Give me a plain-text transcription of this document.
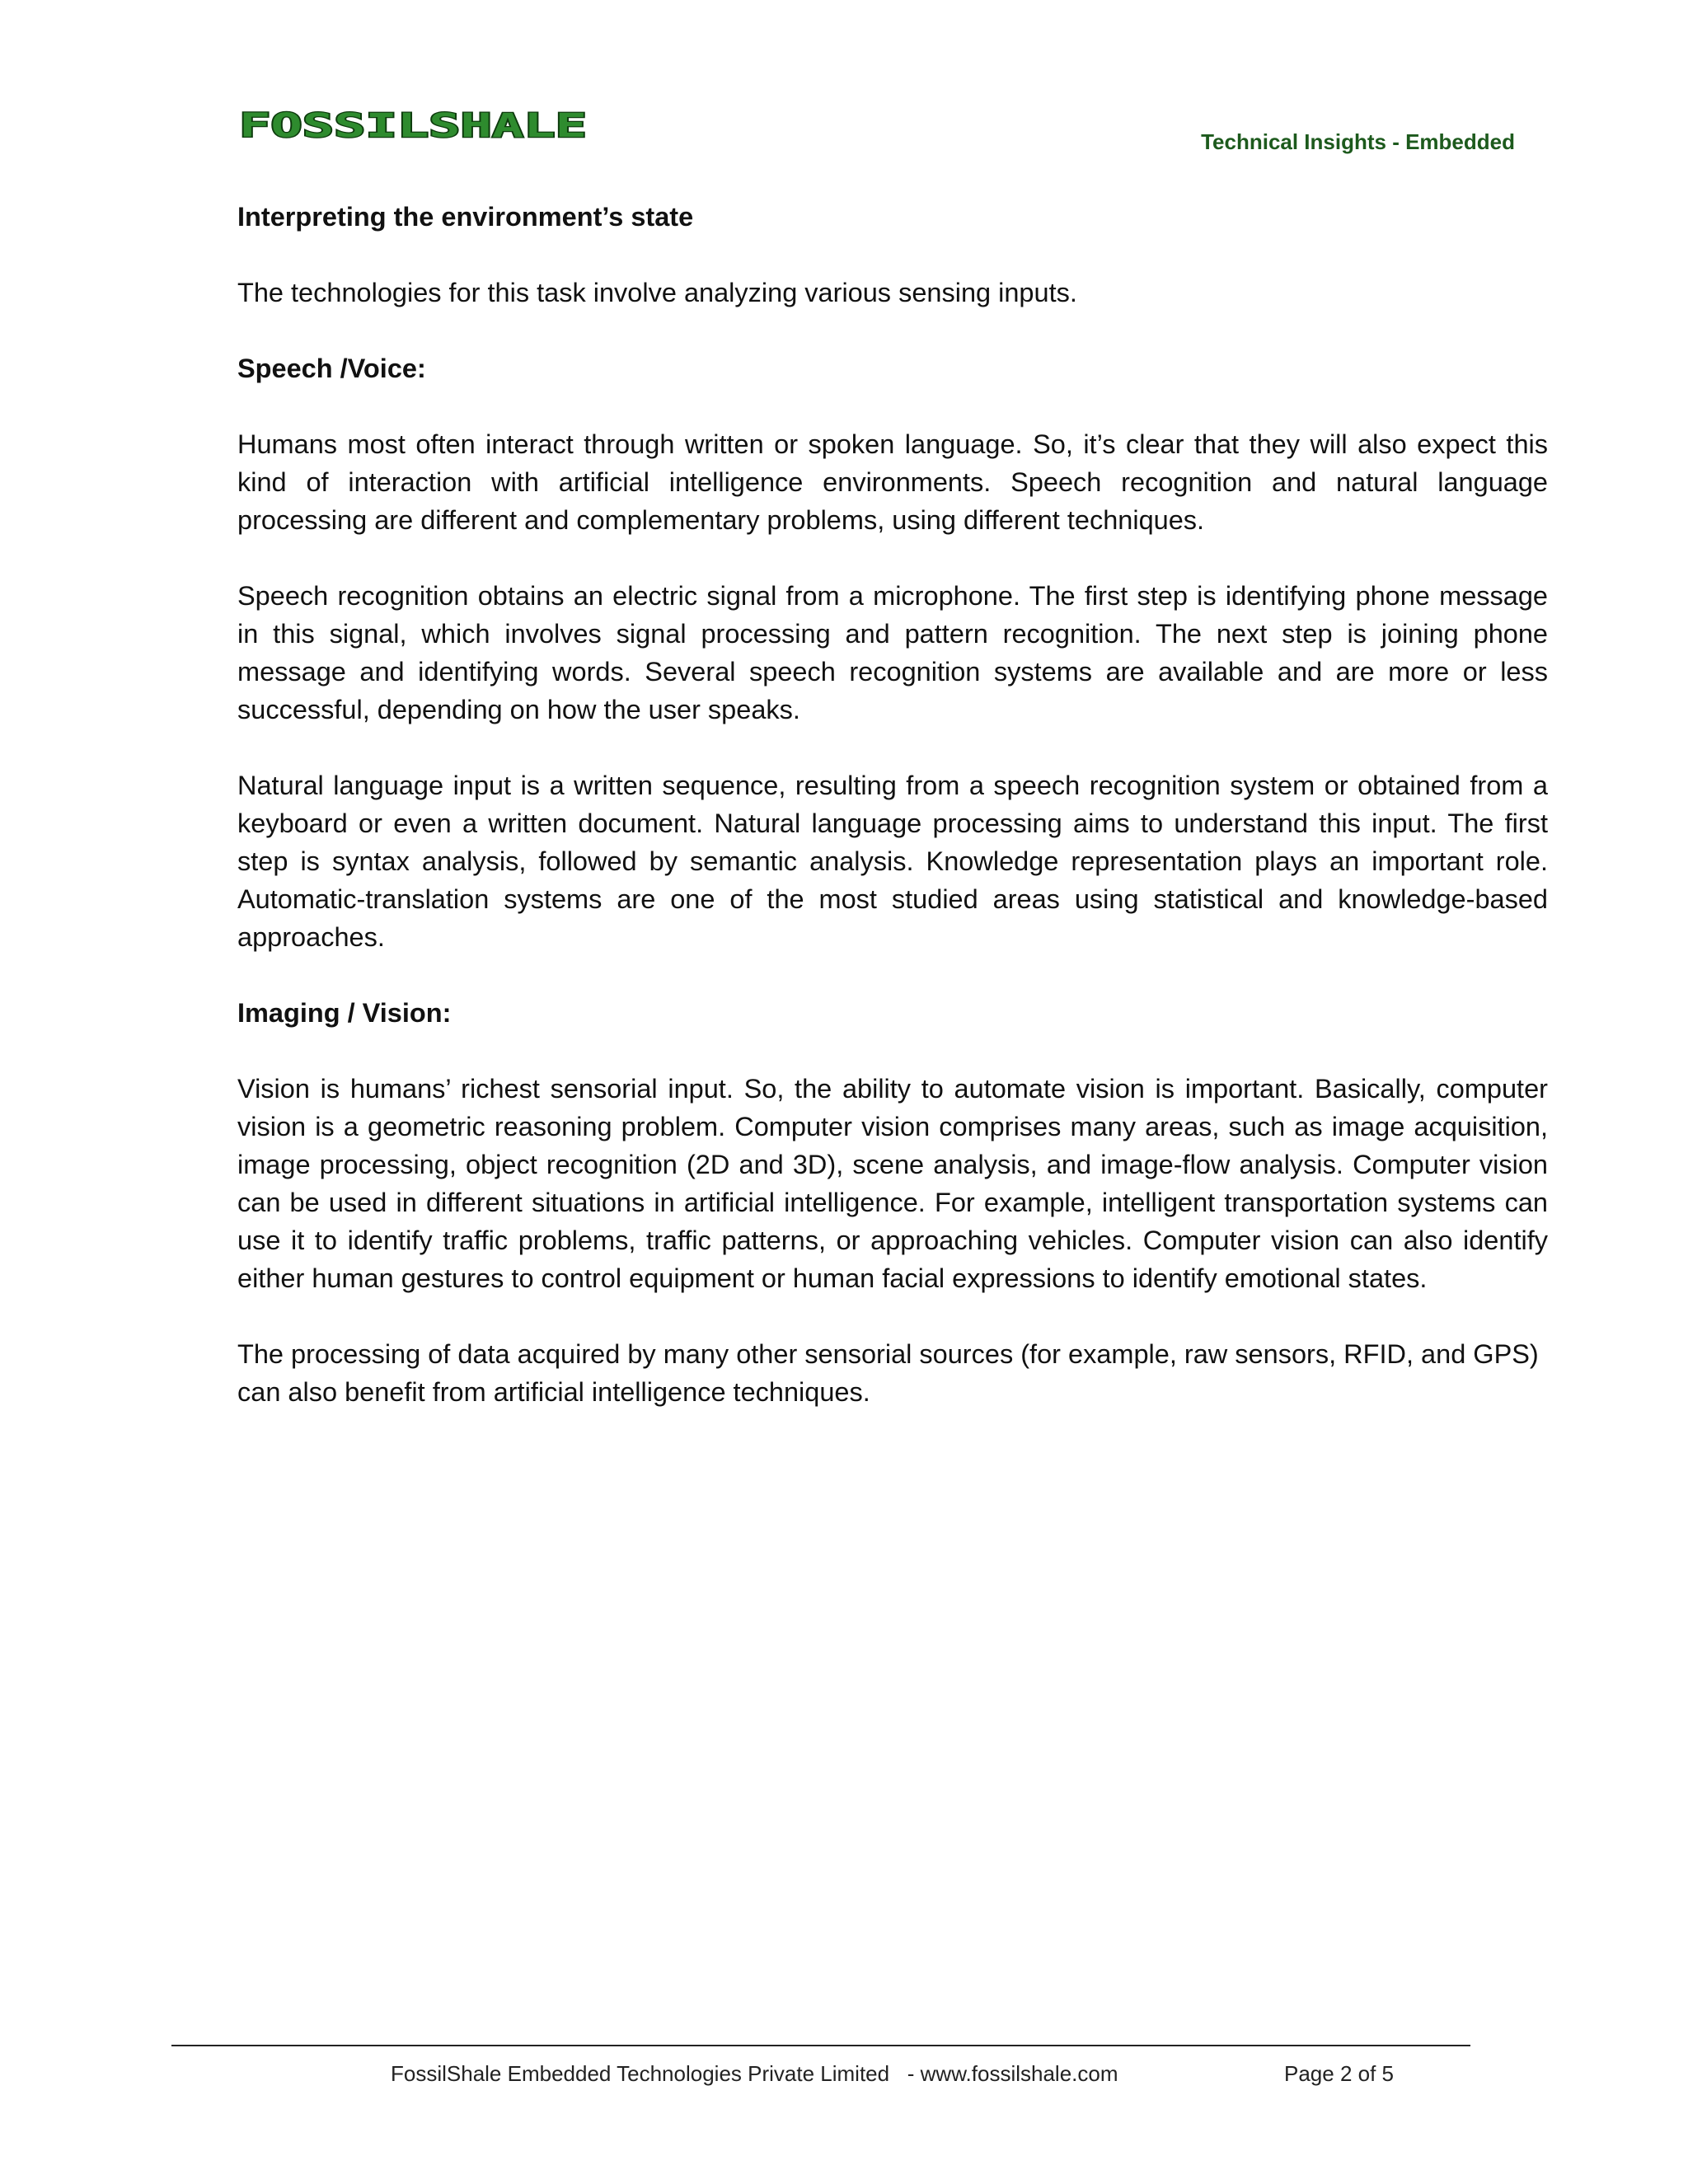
FOSSILSHALE	Technical Insights - Embedded

Interpreting the environment’s state

The technologies for this task involve analyzing various sensing inputs.

Speech /Voice:

Humans most often interact through written or spoken language. So, it’s clear that they will also expect this kind of interaction with artificial intelligence environments. Speech recognition and natural language processing are different and complementary problems, using different techniques.

Speech recognition obtains an electric signal from a microphone. The first step is identifying phone message in this signal, which involves signal processing and pattern recognition. The next step is joining phone message and identifying words. Several speech recognition systems are available and are more or less successful, depending on how the user speaks.

Natural language input is a written sequence, resulting from a speech recognition system or obtained from a keyboard or even a written document. Natural language processing aims to understand this input. The first step is syntax analysis, followed by semantic analysis. Knowledge representation plays an important role. Automatic-translation systems are one of the most studied areas using statistical and knowledge-based approaches.

Imaging / Vision:

Vision is humans’ richest sensorial input. So, the ability to automate vision is important. Basically, computer vision is a geometric reasoning problem. Computer vision comprises many areas, such as image acquisition, image processing, object recognition (2D and 3D), scene analysis, and image-flow analysis. Computer vision can be used in different situations in artificial intelligence. For example, intelligent transportation systems can use it to identify traffic problems, traffic patterns, or approaching vehicles. Computer vision can also identify either human gestures to control equipment or human facial expressions to identify emotional states.

The processing of data acquired by many other sensorial sources (for example, raw sensors, RFID, and GPS) can also benefit from artificial intelligence techniques.

FossilShale Embedded Technologies Private Limited   - www.fossilshale.com	Page 2 of 5
